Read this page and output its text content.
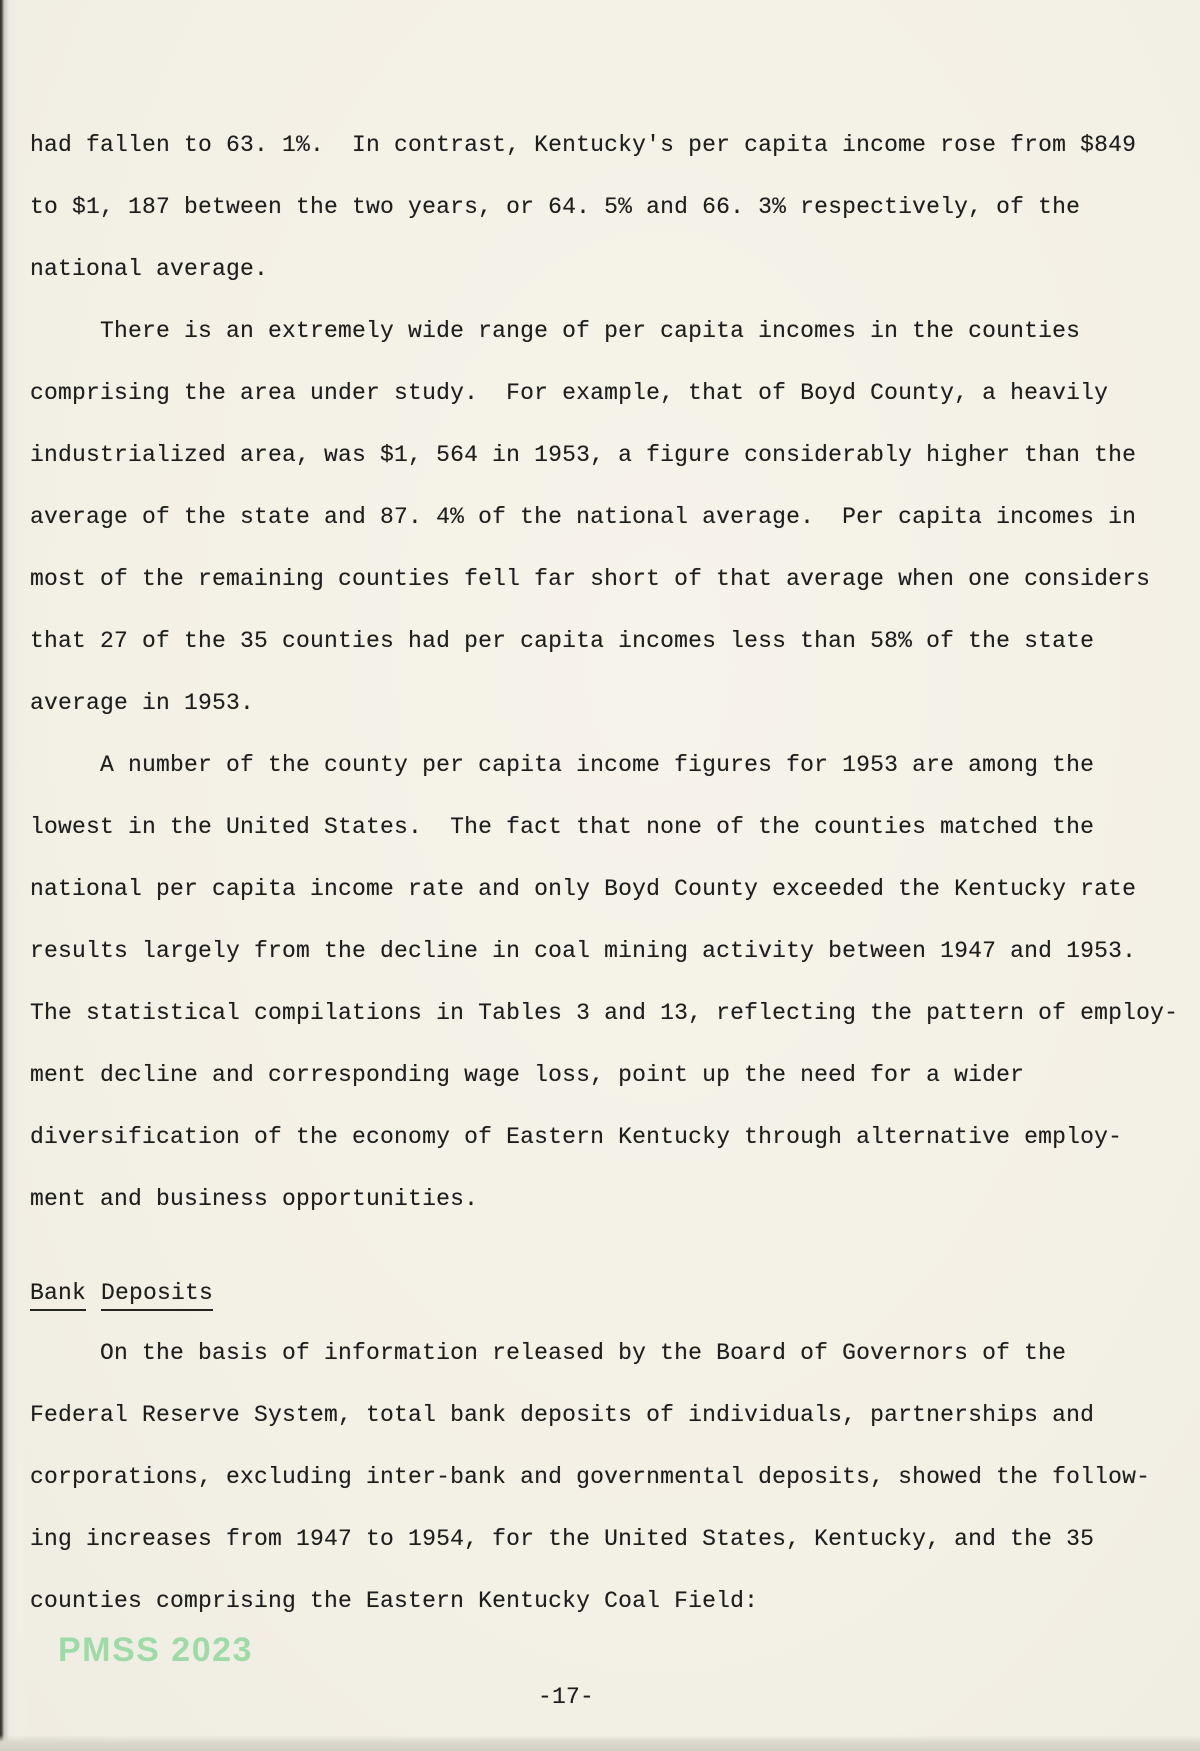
had fallen to 63. 1%.  In contrast, Kentucky's per capita income rose from $849
to $1, 187 between the two years, or 64. 5% and 66. 3% respectively, of the
national average.
There is an extremely wide range of per capita incomes in the counties
comprising the area under study.  For example, that of Boyd County, a heavily
industrialized area, was $1, 564 in 1953, a figure considerably higher than the
average of the state and 87. 4% of the national average.  Per capita incomes in
most of the remaining counties fell far short of that average when one considers
that 27 of the 35 counties had per capita incomes less than 58% of the state
average in 1953.
A number of the county per capita income figures for 1953 are among the
lowest in the United States.  The fact that none of the counties matched the
national per capita income rate and only Boyd County exceeded the Kentucky rate
results largely from the decline in coal mining activity between 1947 and 1953.
The statistical compilations in Tables 3 and 13, reflecting the pattern of employ-
ment decline and corresponding wage loss, point up the need for a wider
diversification of the economy of Eastern Kentucky through alternative employ-
ment and business opportunities.
Bank Deposits
On the basis of information released by the Board of Governors of the
Federal Reserve System, total bank deposits of individuals, partnerships and
corporations, excluding inter-bank and governmental deposits, showed the follow-
ing increases from 1947 to 1954, for the United States, Kentucky, and the 35
counties comprising the Eastern Kentucky Coal Field:
PMSS 2023
-17-
